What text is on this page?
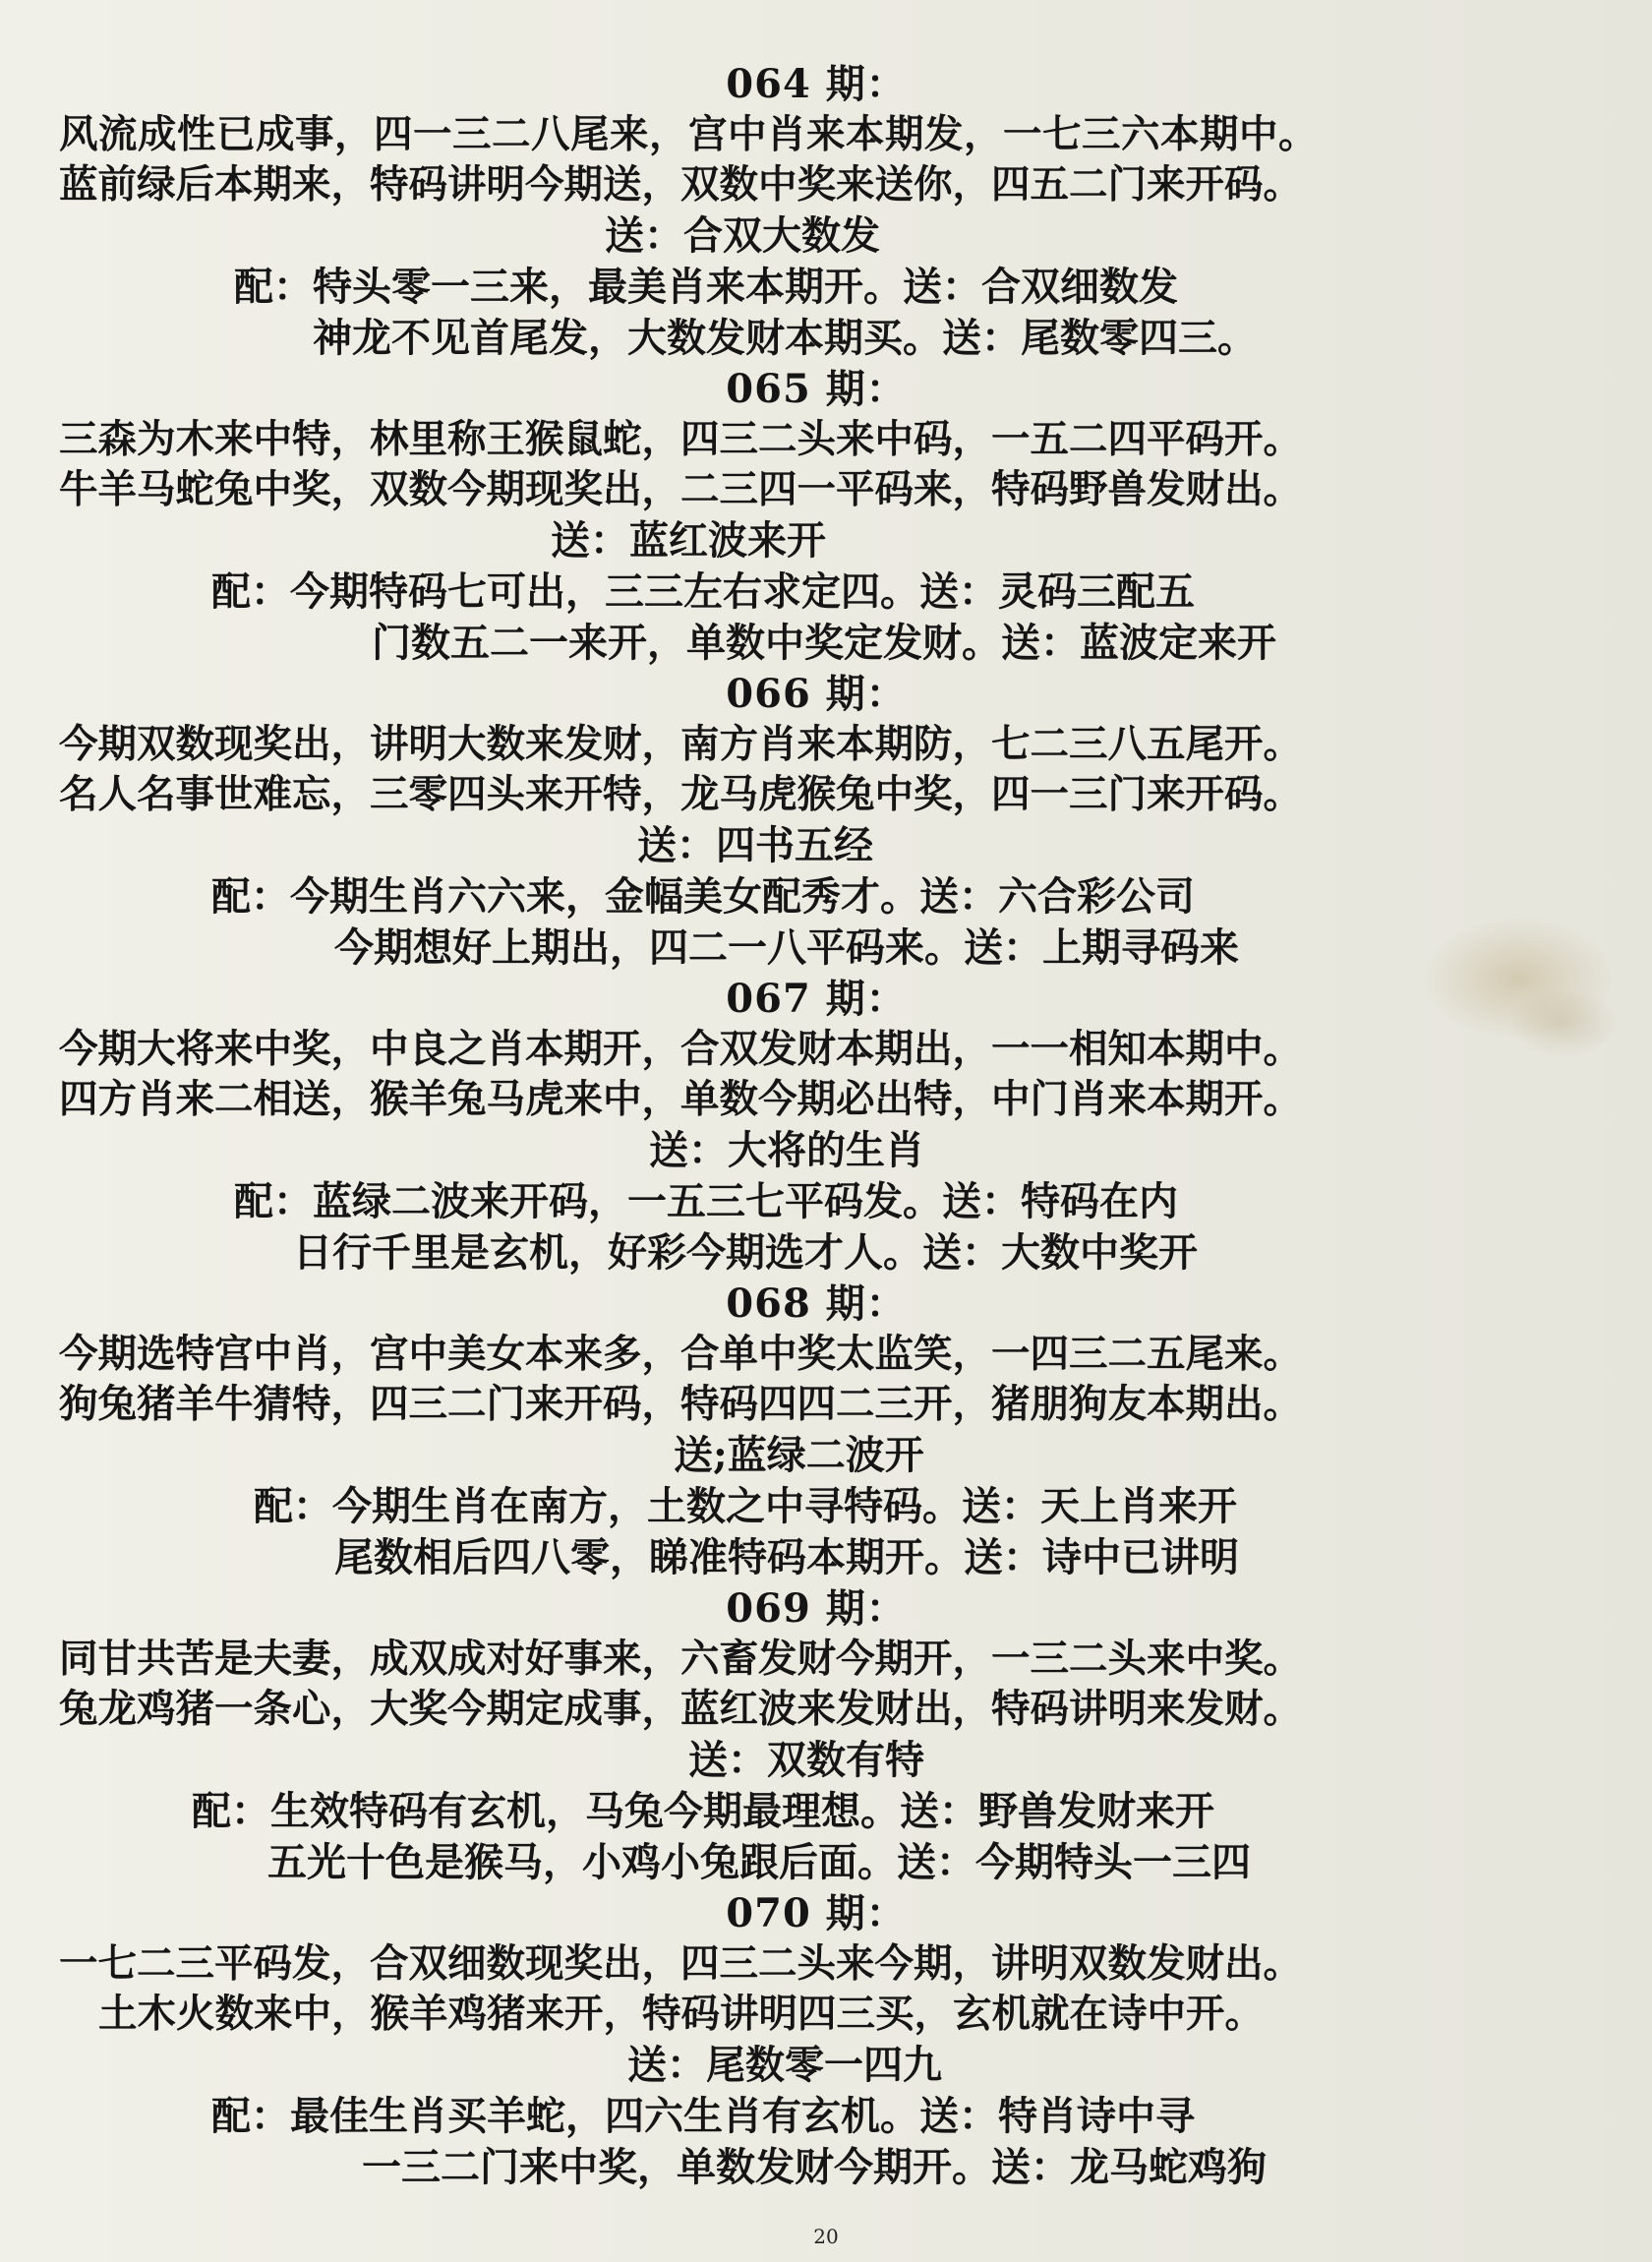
064 期：
风流成性已成事，四一三二八尾来，宫中肖来本期发，一七三六本期中。
蓝前绿后本期来，特码讲明今期送，双数中奖来送你，四五二门来开码。
送：合双大数发
配：特头零一三来，最美肖来本期开。送：合双细数发
神龙不见首尾发，大数发财本期买。送：尾数零四三。
065 期：
三森为木来中特，林里称王猴鼠蛇，四三二头来中码，一五二四平码开。
牛羊马蛇兔中奖，双数今期现奖出，二三四一平码来，特码野兽发财出。
送：蓝红波来开
配：今期特码七可出，三三左右求定四。送：灵码三配五
门数五二一来开，单数中奖定发财。送：蓝波定来开
066 期：
今期双数现奖出，讲明大数来发财，南方肖来本期防，七二三八五尾开。
名人名事世难忘，三零四头来开特，龙马虎猴兔中奖，四一三门来开码。
送：四书五经
配：今期生肖六六来，金幅美女配秀才。送：六合彩公司
今期想好上期出，四二一八平码来。送：上期寻码来
067 期：
今期大将来中奖，中良之肖本期开，合双发财本期出，一一相知本期中。
四方肖来二相送，猴羊兔马虎来中，单数今期必出特，中门肖来本期开。
送：大将的生肖
配：蓝绿二波来开码，一五三七平码发。送：特码在内
日行千里是玄机，好彩今期选才人。送：大数中奖开
068 期：
今期选特宫中肖，宫中美女本来多，合单中奖太监笑，一四三二五尾来。
狗兔猪羊牛猜特，四三二门来开码，特码四四二三开，猪朋狗友本期出。
送;蓝绿二波开
配：今期生肖在南方，土数之中寻特码。送：天上肖来开
尾数相后四八零，睇准特码本期开。送：诗中已讲明
069 期：
同甘共苦是夫妻，成双成对好事来，六畜发财今期开，一三二头来中奖。
兔龙鸡猪一条心，大奖今期定成事，蓝红波来发财出，特码讲明来发财。
送：双数有特
配：生效特码有玄机，马兔今期最理想。送：野兽发财来开
五光十色是猴马，小鸡小兔跟后面。送：今期特头一三四
070 期：
一七二三平码发，合双细数现奖出，四三二头来今期，讲明双数发财出。
土木火数来中，猴羊鸡猪来开，特码讲明四三买，玄机就在诗中开。
送：尾数零一四九
配：最佳生肖买羊蛇，四六生肖有玄机。送：特肖诗中寻
一三二门来中奖，单数发财今期开。送：龙马蛇鸡狗
20
